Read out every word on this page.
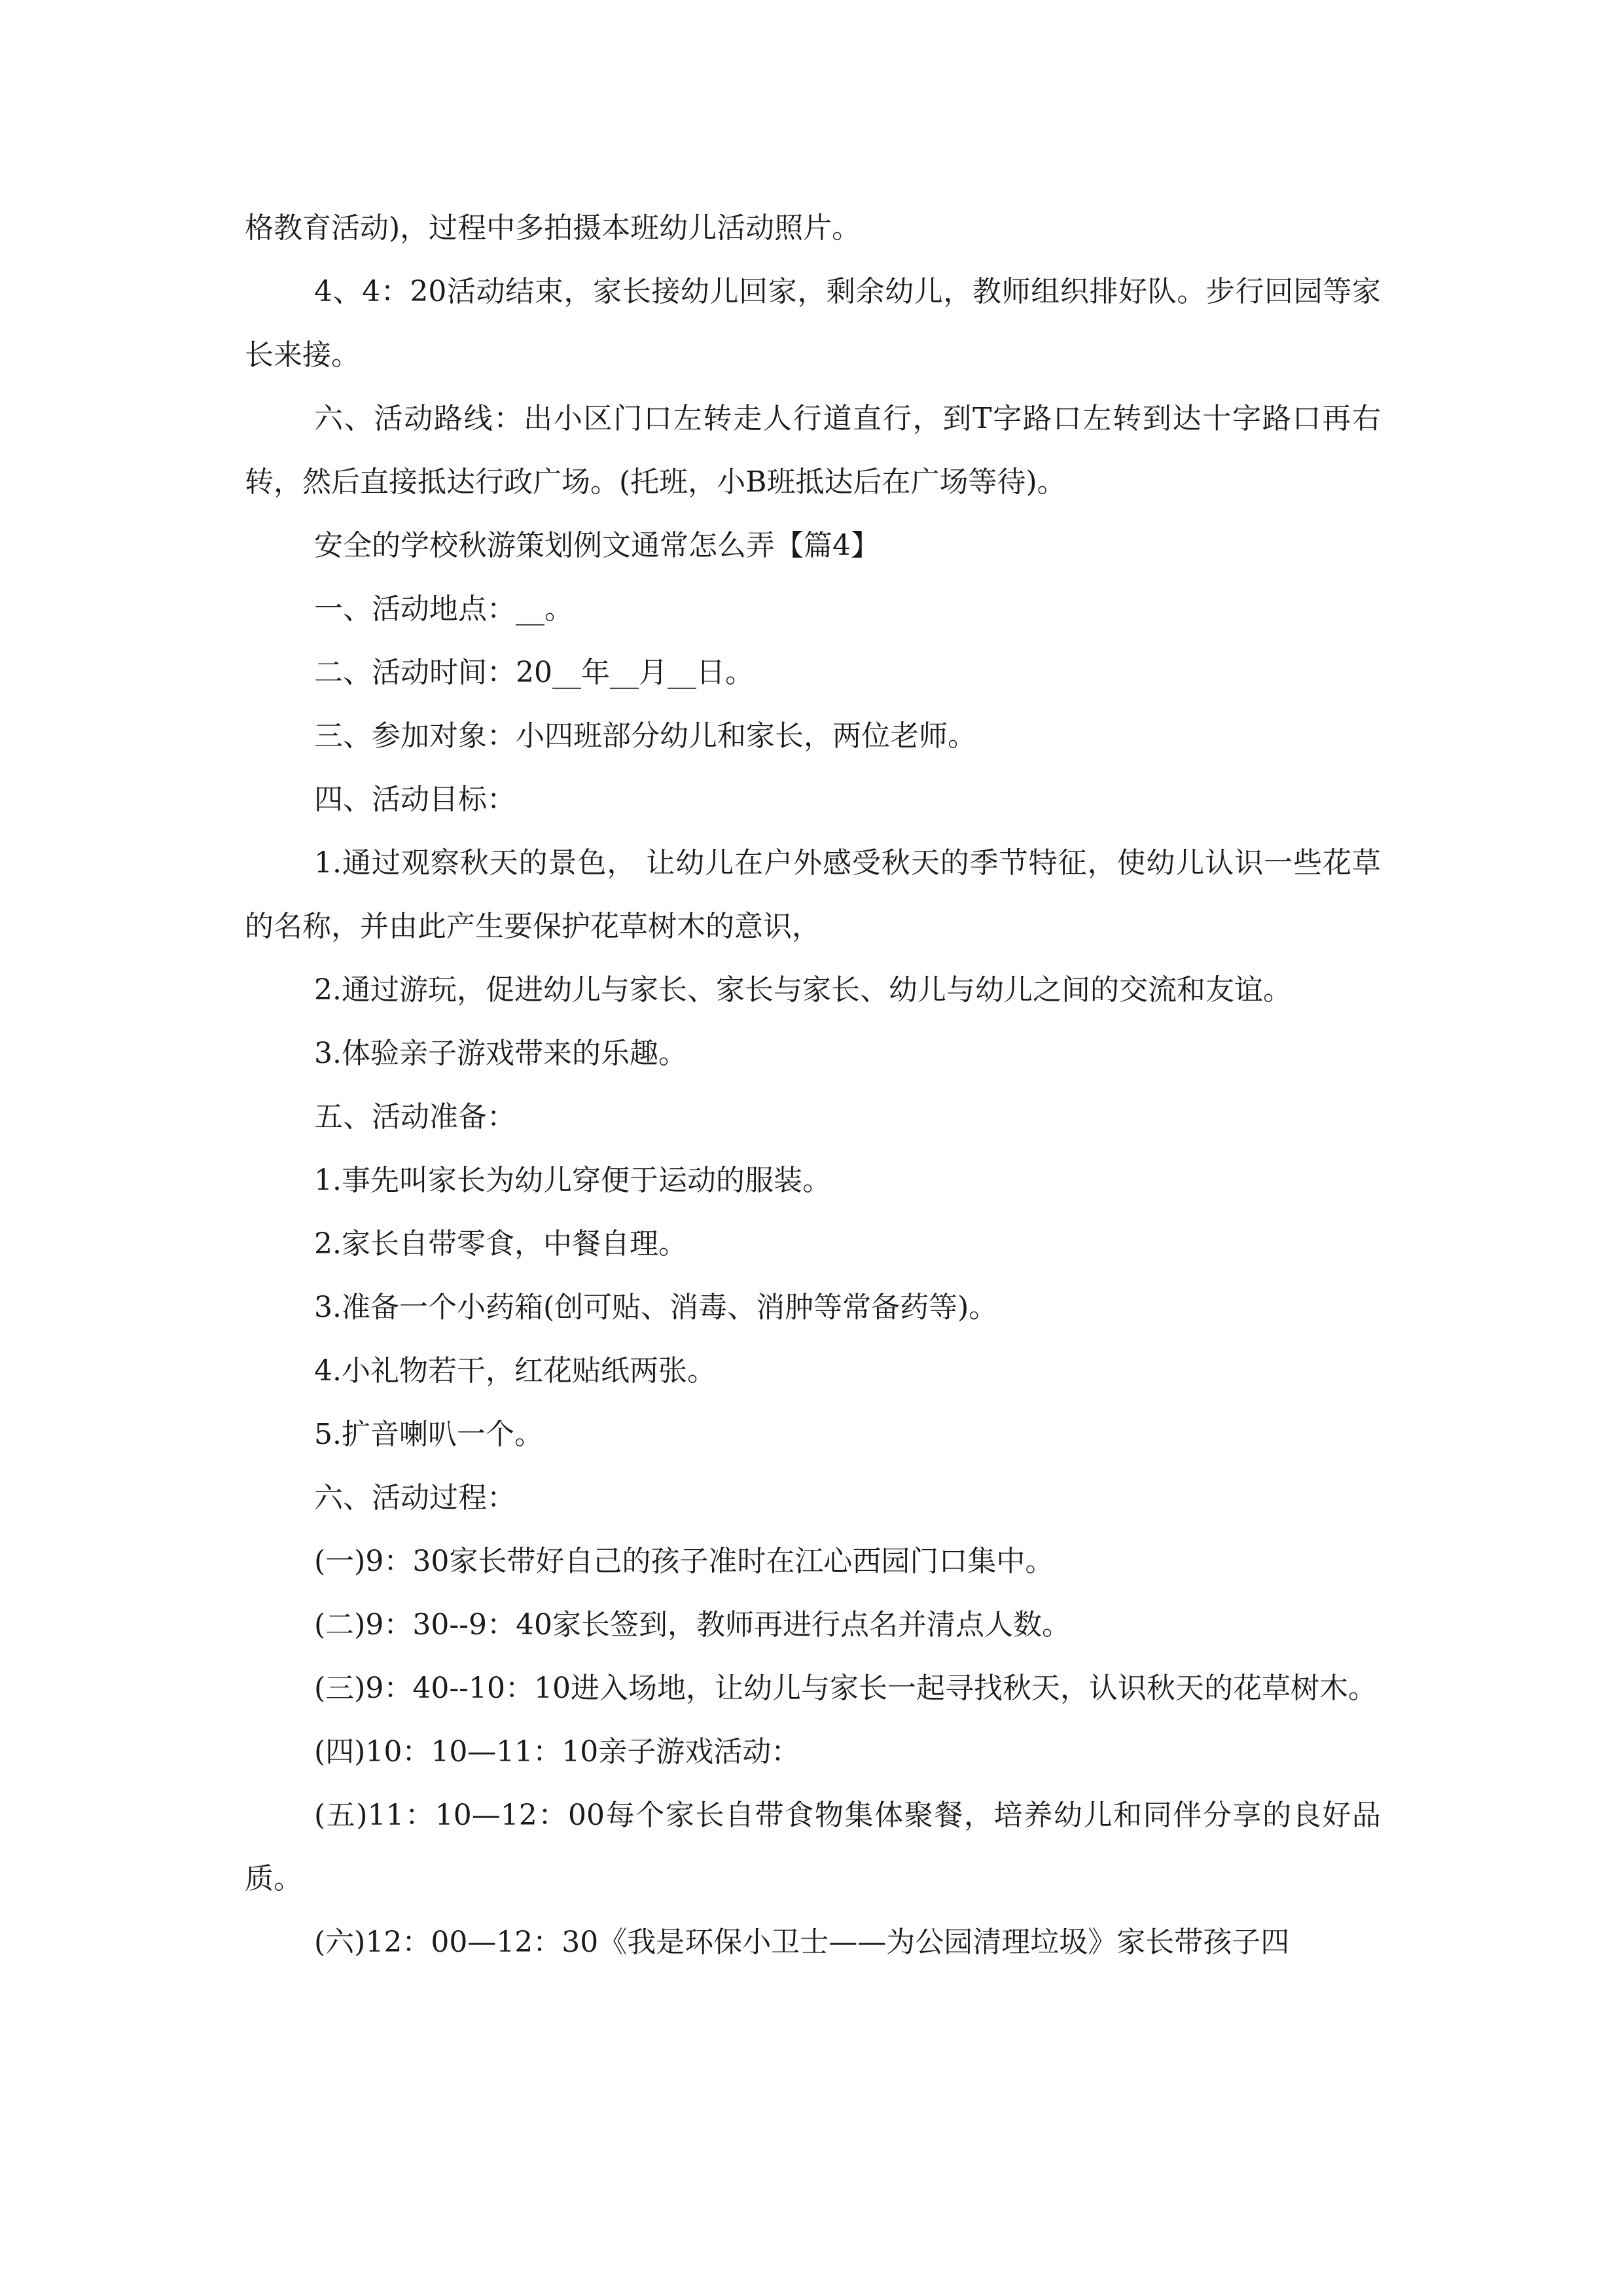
格教育活动)，过程中多拍摄本班幼儿活动照片。

4、4：20活动结束，家长接幼儿回家，剩余幼儿，教师组织排好队。步行回园等家长来接。

六、活动路线：出小区门口左转走人行道直行，到T字路口左转到达十字路口再右转，然后直接抵达行政广场。(托班，小B班抵达后在广场等待)。

安全的学校秋游策划例文通常怎么弄【篇4】

一、活动地点：__。

二、活动时间：20__年__月__日。

三、参加对象：小四班部分幼儿和家长，两位老师。

四、活动目标：

1.通过观察秋天的景色， 让幼儿在户外感受秋天的季节特征，使幼儿认识一些花草的名称，并由此产生要保护花草树木的意识，

2.通过游玩，促进幼儿与家长、家长与家长、幼儿与幼儿之间的交流和友谊。

3.体验亲子游戏带来的乐趣。

五、活动准备：

1.事先叫家长为幼儿穿便于运动的服装。

2.家长自带零食，中餐自理。

3.准备一个小药箱(创可贴、消毒、消肿等常备药等)。

4.小礼物若干，红花贴纸两张。

5.扩音喇叭一个。

六、活动过程：

(一)9：30家长带好自己的孩子准时在江心西园门口集中。

(二)9：30--9：40家长签到，教师再进行点名并清点人数。

(三)9：40--10：10进入场地，让幼儿与家长一起寻找秋天，认识秋天的花草树木。

(四)10：10—11：10亲子游戏活动：

(五)11：10—12：00每个家长自带食物集体聚餐，培养幼儿和同伴分享的良好品质。

(六)12：00—12：30《我是环保小卫士——为公园清理垃圾》家长带孩子四
